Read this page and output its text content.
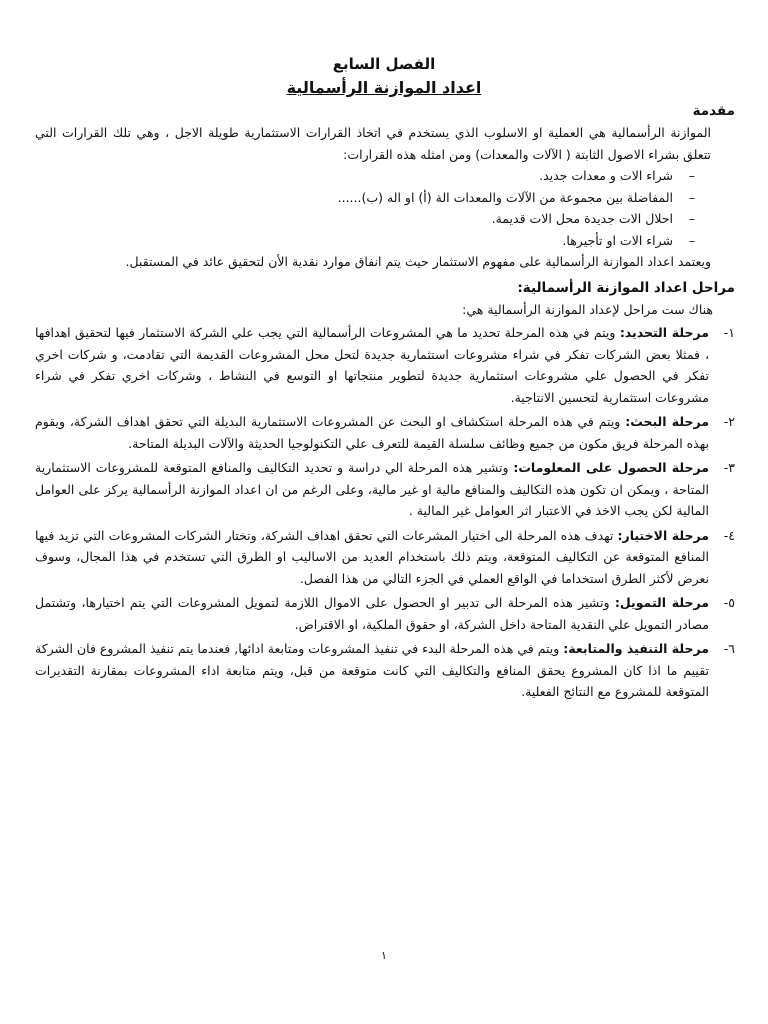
الفصل السابع
اعداد الموازنة الرأسمالية

مقدمة

الموازنة الرأسمالية هي العملية او الاسلوب الذي يستخدم في اتخاذ القرارات الاستثمارية طويلة الاجل ، وهي تلك القرارات التي تتعلق بشراء الاصول الثابتة ( الآلات والمعدات) ومن امثله هذه القرارات:

–
شراء الات و معدات جديد.
–
المفاضلة بين مجموعة من الآلات والمعدات الة (أ) او اله (ب)......
–
احلال الات جديدة محل الات قديمة.
–
شراء الات او تأجيرها.

ويعتمد اعداد الموازنة الرأسمالية على مفهوم الاستثمار حيث يتم انفاق موارد نقدية الأن لتحقيق عائد في المستقبل.

مراحل اعداد الموازنة الرأسمالية:

هناك ست مراحل لإعداد الموازنة الرأسمالية هي:

١-
مرحلة التحديد: ويتم في هذه المرحلة تحديد ما هي المشروعات الرأسمالية التي يجب علي الشركة الاستثمار فيها لتحقيق اهدافها ، فمثلا بعض الشركات تفكر في شراء مشروعات استثمارية جديدة لتحل محل المشروعات القديمة التي تقادمت، و شركات اخري تفكر في الحصول علي مشروعات استثمارية جديدة لتطوير منتجاتها او التوسع في النشاط ، وشركات اخري تفكر في شراء مشروعات استثمارية لتحسين الانتاجية.

٢-
مرحلة البحث: ويتم في هذه المرحلة استكشاف او البحث عن المشروعات الاستثمارية البديلة التي تحقق اهداف الشركة، ويقوم بهذه المرحلة فريق مكون من جميع وظائف سلسلة القيمة للتعرف علي التكنولوجيا الحديثة والآلات البديلة المتاحة.

٣-
مرحلة الحصول على المعلومات: وتشير هذه المرحلة الي دراسة و تحديد التكاليف والمنافع المتوقعة للمشروعات الاستثمارية المتاحة ، ويمكن ان تكون هذه التكاليف والمنافع مالية او غير مالية، وعلى الرغم من ان اعداد الموازنة الرأسمالية يركز على العوامل المالية لكن يجب الاخذ في الاعتبار اثر العوامل غير المالية .

٤-
مرحلة الاختيار: تهدف هذه المرحلة الى اختيار المشرعات التي تحقق اهداف الشركة، وتختار الشركات المشروعات التي تزيد فيها المنافع المتوقعة عن التكاليف المتوقعة، ويتم ذلك باستخدام العديد من الاساليب او الطرق التي تستخدم في هذا المجال، وسوف نعرض لأكثر الطرق استخداما في الواقع العملي في الجزء التالي من هذا الفصل.

٥-
مرحلة التمويل: وتشير هذه المرحلة الى تدبير او الحصول على الاموال اللازمة لتمويل المشروعات التي يتم اختيارها، وتشتمل مصادر التمويل علي النقدية المتاحة داخل الشركة، او حقوق الملكية، او الاقتراض.

٦-
مرحلة التنفيذ والمتابعة: ويتم في هذه المرحلة البدء في تنفيذ المشروعات ومتابعة ادائها, فعندما يتم تنفيذ المشروع فان الشركة تقييم ما اذا كان المشروع يحقق المنافع والتكاليف التي كانت متوقعة من قبل، ويتم متابعة اداء المشروعات بمقارنة التقديرات المتوقعة للمشروع مع النتائج الفعلية.

١
